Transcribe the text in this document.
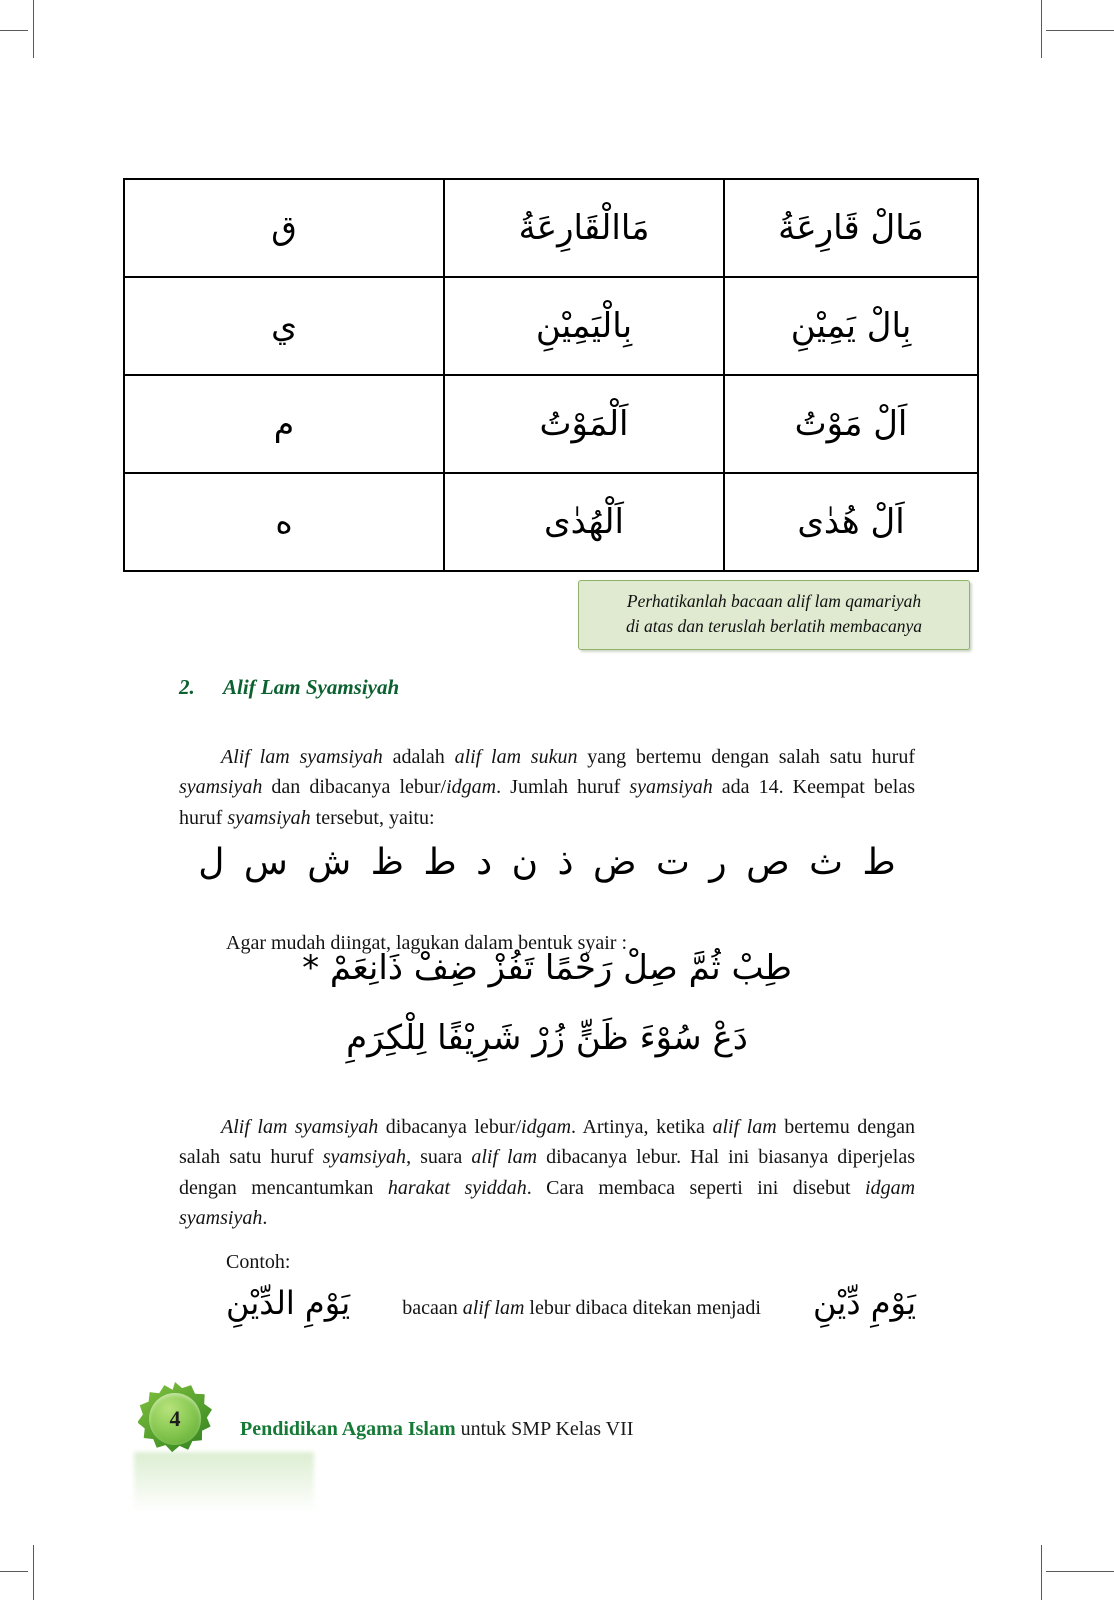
ق	مَاالْقَارِعَةُ	مَالْ قَارِعَةُ
ي	بِالْيَمِيْنِ	بِالْ يَمِيْنِ
م	اَلْمَوْتُ	اَلْ مَوْتُ
ه	اَلْهُدٰى	اَلْ هُدٰى

Perhatikanlah bacaan alif lam qamariyah

di atas dan teruslah berlatih membacanya

2.	Alif Lam Syamsiyah

Alif lam syamsiyah adalah alif lam sukun yang bertemu dengan salah satu huruf syamsiyah dan dibacanya lebur/idgam. Jumlah huruf syamsiyah ada 14. Keempat belas huruf syamsiyah tersebut, yaitu:

ط ث ص ر ت ض ذ ن د ط ظ ش س ل

Agar mudah diingat, lagukan dalam bentuk syair :

طِبْ ثُمَّ صِلْ رَحْمًا تَفُزْ ضِفْ ذَانِعَمْ *
دَعْ سُوْءَ ظَنٍّ زُرْ شَرِيْفًا لِلْكِرَمِ

Alif lam syamsiyah dibacanya lebur/idgam. Artinya, ketika alif lam bertemu dengan salah satu huruf syamsiyah, suara alif lam dibacanya lebur. Hal ini biasanya diperjelas dengan mencantumkan harakat syiddah. Cara membaca seperti ini disebut idgam syamsiyah.

Contoh:

يَوْمِ الدِّيْنِ	bacaan alif lam lebur dibaca ditekan menjadi يَوْمِ دِّيْنِ
4	Pendidikan Agama Islam untuk SMP Kelas VII
